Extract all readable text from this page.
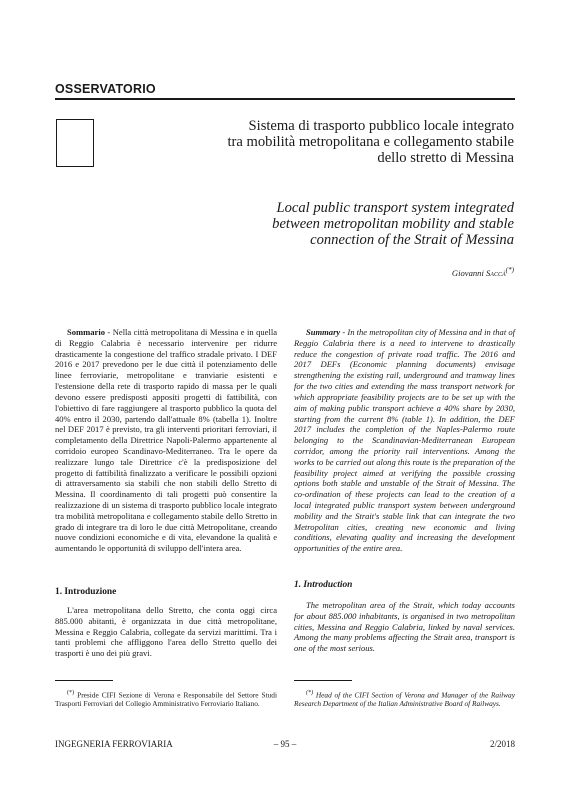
OSSERVATORIO
Sistema di trasporto pubblico locale integrato
tra mobilità metropolitana e collegamento stabile
dello stretto di Messina
Local public transport system integrated
between metropolitan mobility and stable
connection of the Strait of Messina
Giovanni Saccà(*)

Sommario - Nella città metropolitana di Messina e in quella di Reggio Calabria è necessario intervenire per ridurre drasticamente la congestione del traffico stradale privato. I DEF 2016 e 2017 prevedono per le due città il potenziamento delle linee ferroviarie, metropolitane e tranviarie esistenti e l'estensione della rete di trasporto rapido di massa per le quali devono essere predisposti appositi progetti di fattibilità, con l'obiettivo di fare raggiungere al trasporto pubblico la quota del 40% entro il 2030, partendo dall'attuale 8% (tabella 1). Inoltre nel DEF 2017 è previsto, tra gli interventi prioritari ferroviari, il completamento della Direttrice Napoli-Palermo appartenente al corridoio europeo Scandinavo-Mediterraneo. Tra le opere da realizzare lungo tale Direttrice c'è la predisposizione del progetto di fattibilità finalizzato a verificare le possibili opzioni di attraversamento sia stabili che non stabili dello Stretto di Messina. Il coordinamento di tali progetti può consentire la realizzazione di un sistema di trasporto pubblico locale integrato tra mobilità metropolitana e collegamento stabile dello Stretto in grado di integrare tra di loro le due città Metropolitane, creando nuove condizioni economiche e di vita, elevandone la qualità e aumentando le opportunità di sviluppo dell'intera area.

Summary - In the metropolitan city of Messina and in that of Reggio Calabria there is a need to intervene to drastically reduce the congestion of private road traffic. The 2016 and 2017 DEFs (Economic planning documents) envisage strengthening the existing rail, underground and tramway lines for the two cities and extending the mass transport network for which appropriate feasibility projects are to be set up with the aim of making public transport achieve a 40% share by 2030, starting from the current 8% (table 1). In addition, the DEF 2017 includes the completion of the Naples-Palermo route belonging to the Scandinavian-Mediterranean European corridor, among the priority rail interventions. Among the works to be carried out along this route is the preparation of the feasibility project aimed at verifying the possible crossing options both stable and unstable of the Strait of Messina. The co-ordination of these projects can lead to the creation of a local integrated public transport system between underground mobility and the Strait's stable link that can integrate the two Metropolitan cities, creating new economic and living conditions, elevating quality and increasing the development opportunities of the entire area.

1. Introduzione
1. Introduction

L'area metropolitana dello Stretto, che conta oggi circa 885.000 abitanti, è organizzata in due città metropolitane, Messina e Reggio Calabria, collegate da servizi marittimi. Tra i tanti problemi che affliggono l'area dello Stretto quello dei trasporti è uno dei più gravi.

The metropolitan area of the Strait, which today accounts for about 885.000 inhabitants, is organised in two metropolitan cities, Messina and Reggio Calabria, linked by naval services. Among the many problems affecting the Strait area, transport is one of the most serious.

(*) Preside CIFI Sezione di Verona e Responsabile del Settore Studi Trasporti Ferroviari del Collegio Amministrativo Ferroviario Italiano.
(*) Head of the CIFI Section of Verona and Manager of the Railway Research Department of the Italian Administrative Board of Railways.
INGEGNERIA FERROVIARIA	– 95 –	2/2018
